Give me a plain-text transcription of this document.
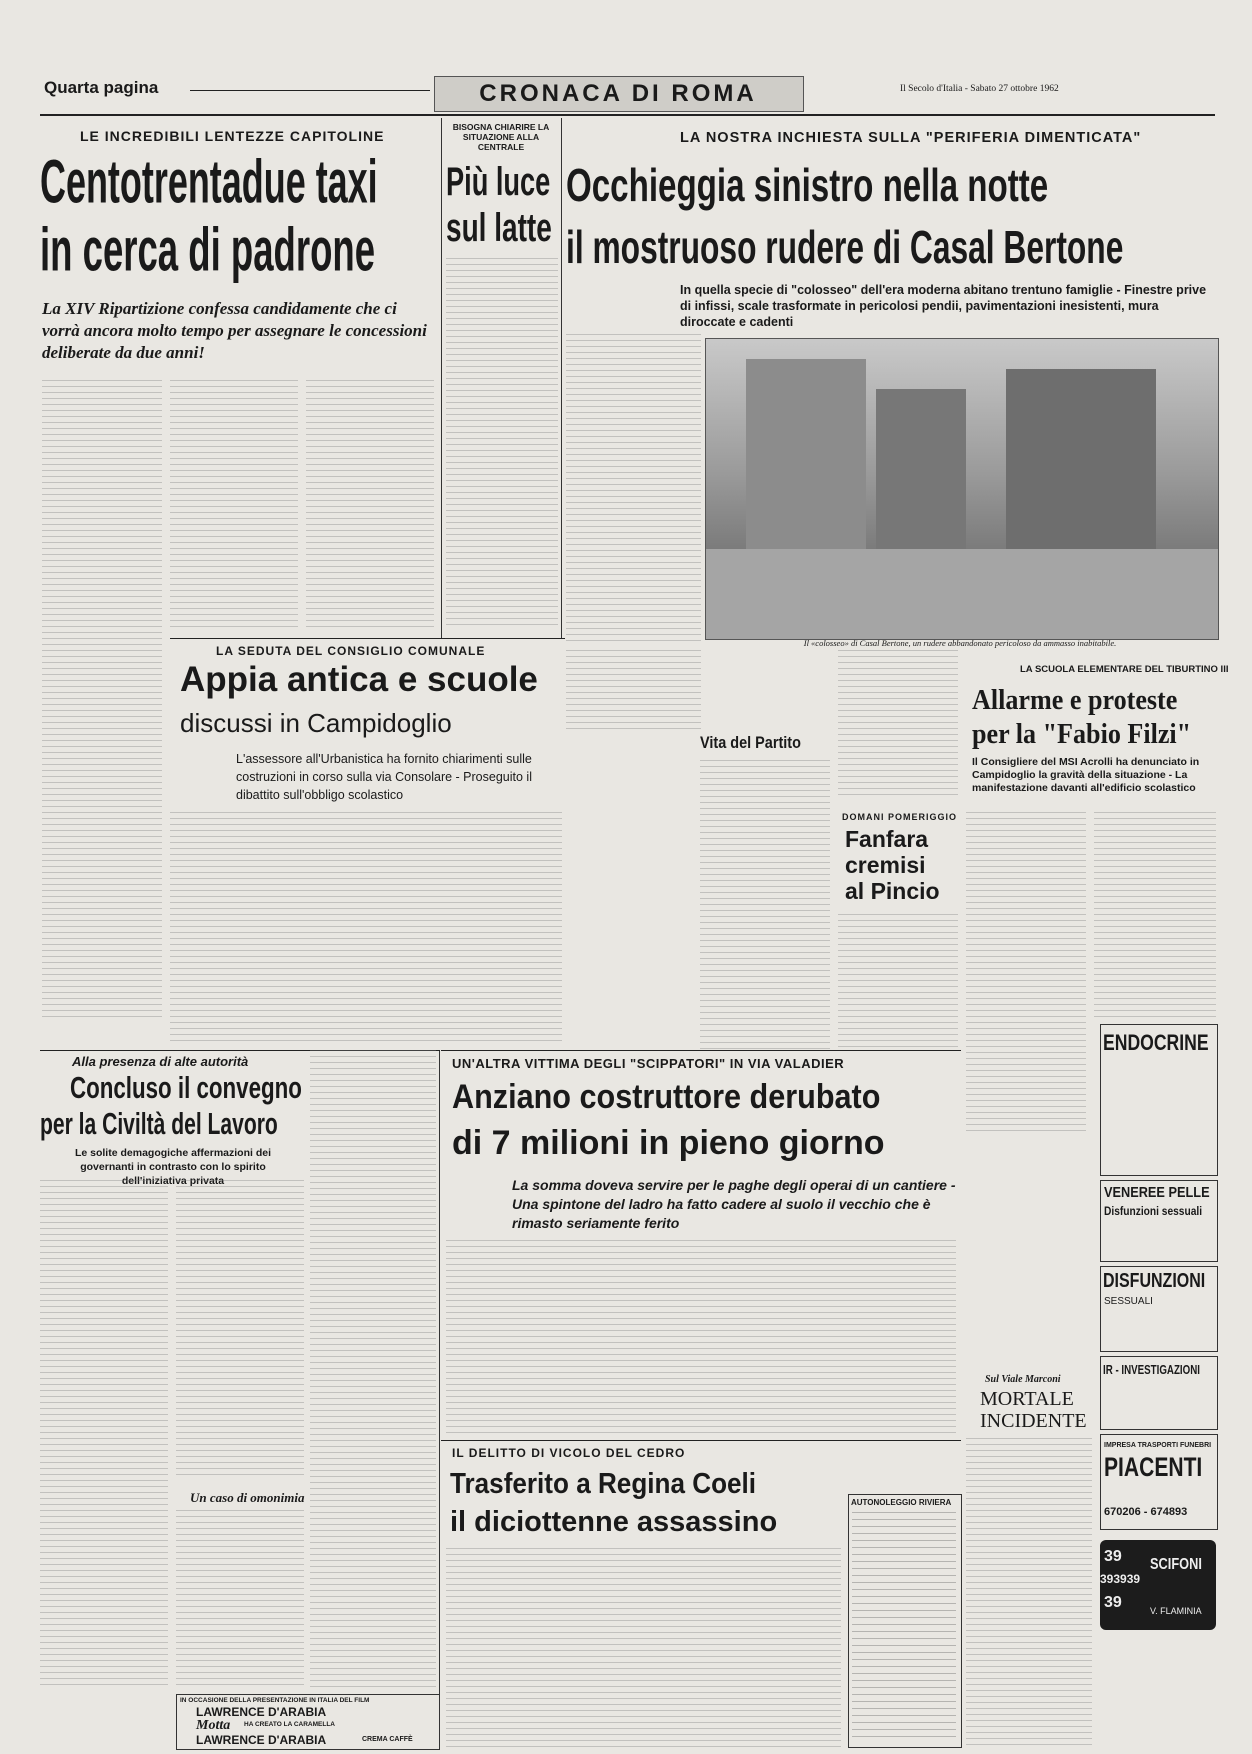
Quarta pagina	CRONACA DI ROMA	Il Secolo d'Italia - Sabato 27 ottobre 1962
LE INCREDIBILI LENTEZZE CAPITOLINE
Centotrentadue taxi
in cerca di padrone
La XIV Ripartizione confessa candidamente che ci vorrà ancora molto tempo per assegnare le concessioni deliberate da due anni!
BISOGNA CHIARIRE LA SITUAZIONE ALLA CENTRALE
Più luce
sul latte
LA NOSTRA INCHIESTA SULLA "PERIFERIA DIMENTICATA"
Occhieggia sinistro nella notte
il mostruoso rudere di Casal Bertone
In quella specie di "colosseo" dell'era moderna abitano trentuno famiglie - Finestre prive di infissi, scale trasformate in pericolosi pendii, pavimentazioni inesistenti, mura diroccate e cadenti
Il «colosseo» di Casal Bertone, un rudere abbandonato pericoloso da ammasso inabitabile.
LA SEDUTA DEL CONSIGLIO COMUNALE
Appia antica e scuole
discussi in Campidoglio
L'assessore all'Urbanistica ha fornito chiarimenti sulle costruzioni in corso sulla via Consolare - Proseguito il dibattito sull'obbligo scolastico
Vita del Partito
DOMANI POMERIGGIO
Fanfara
cremisi
al Pincio
LA SCUOLA ELEMENTARE DEL TIBURTINO III
Allarme e proteste
per la "Fabio Filzi"
Il Consigliere del MSI Acrolli ha denunciato in Campidoglio la gravità della situazione - La manifestazione davanti all'edificio scolastico
ENDOCRINE
VENEREE PELLE
Disfunzioni sessuali
DISFUNZIONI
SESSUALI
IR - INVESTIGAZIONI
IMPRESA TRASPORTI FUNEBRI
PIACENTI
670206 - 674893
39
393939
39
SCIFONI
V. FLAMINIA
Alla presenza di alte autorità
Concluso il convegno
per la Civiltà del Lavoro
Le solite demagogiche affermazioni dei governanti in contrasto con lo spirito dell'iniziativa privata
Un caso di omonimia
IN OCCASIONE DELLA PRESENTAZIONE IN ITALIA DEL FILM
LAWRENCE D'ARABIA
Motta HA CREATO LA CARAMELLA
LAWRENCE D'ARABIA	CREMA CAFFÈ
UN'ALTRA VITTIMA DEGLI "SCIPPATORI" IN VIA VALADIER
Anziano costruttore derubato
di 7 milioni in pieno giorno
La somma doveva servire per le paghe degli operai di un cantiere - Una spintone del ladro ha fatto cadere al suolo il vecchio che è rimasto seriamente ferito
Sul Viale Marconi
MORTALE
INCIDENTE
IL DELITTO DI VICOLO DEL CEDRO
Trasferito a Regina Coeli
il diciottenne assassino
AUTONOLEGGIO RIVIERA
